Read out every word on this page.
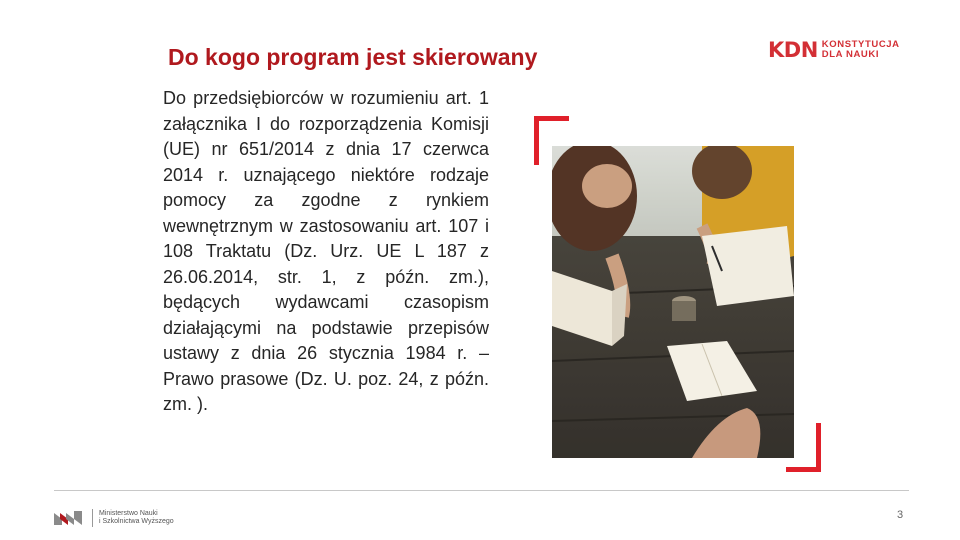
Do kogo program jest skierowany
Do przedsiębiorców w rozumieniu art. 1 załącznika I do rozporządzenia Komisji (UE) nr 651/2014 z dnia 17 czerwca 2014 r. uznającego niektóre rodzaje pomocy za zgodne z rynkiem wewnętrznym w zastosowaniu art. 107 i 108 Traktatu (Dz. Urz. UE L 187 z 26.06.2014, str. 1, z późn. zm.), będących wydawcami czasopism działającymi na podstawie przepisów ustawy z dnia 26 stycznia 1984 r. – Prawo prasowe (Dz. U. poz. 24, z późn. zm. ).
KDN KONSTYTUCJA
DLA NAUKI
Ministerstwo Nauki
i Szkolnictwa Wyższego
3
